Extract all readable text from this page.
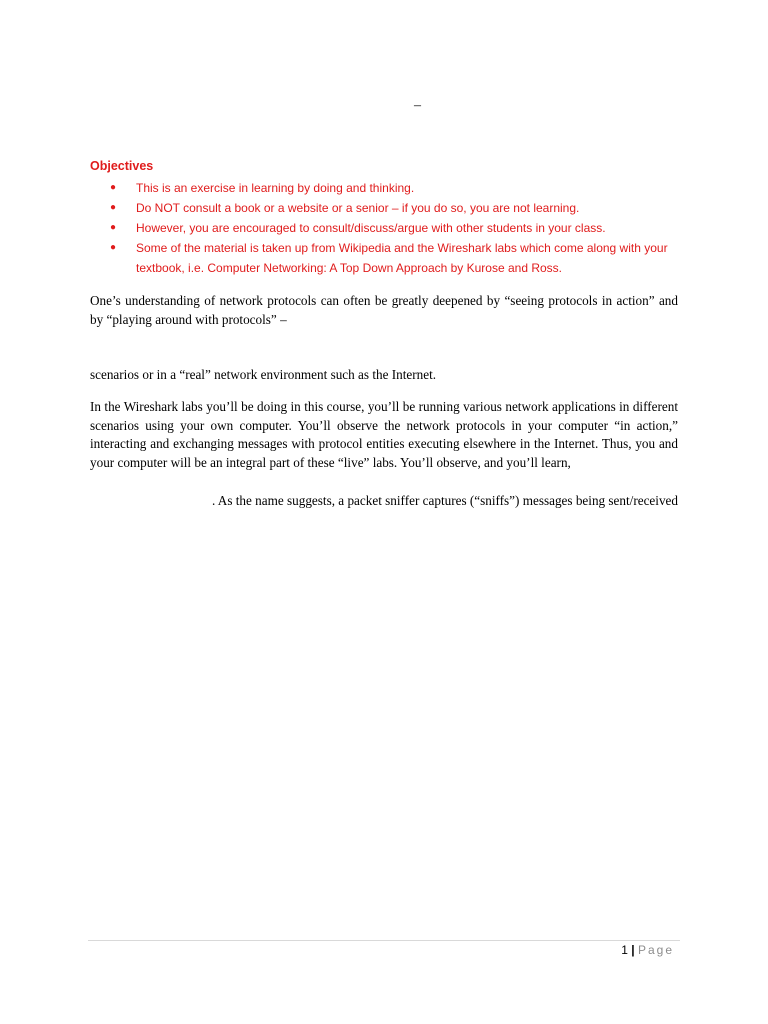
–
Objectives
● This is an exercise in learning by doing and thinking.
● Do NOT consult a book or a website or a senior – if you do so, you are not learning.
● However, you are encouraged to consult/discuss/argue with other students in your class.
● Some of the material is taken up from Wikipedia and the Wireshark labs which come along with your textbook, i.e. Computer Networking: A Top Down Approach by Kurose and Ross.

One’s understanding of network protocols can often be greatly deepened by “seeing protocols in action” and by “playing around with protocols” –

scenarios or in a “real” network environment such as the Internet.

In the Wireshark labs you’ll be doing in this course, you’ll be running various network applications in different scenarios using your own computer. You’ll observe the network protocols in your computer “in action,” interacting and exchanging messages with protocol entities executing elsewhere in the Internet. Thus, you and your computer will be an integral part of these “live” labs. You’ll observe, and you’ll learn,

. As the name suggests, a packet sniffer captures (“sniffs”) messages being sent/received

1 | Page
